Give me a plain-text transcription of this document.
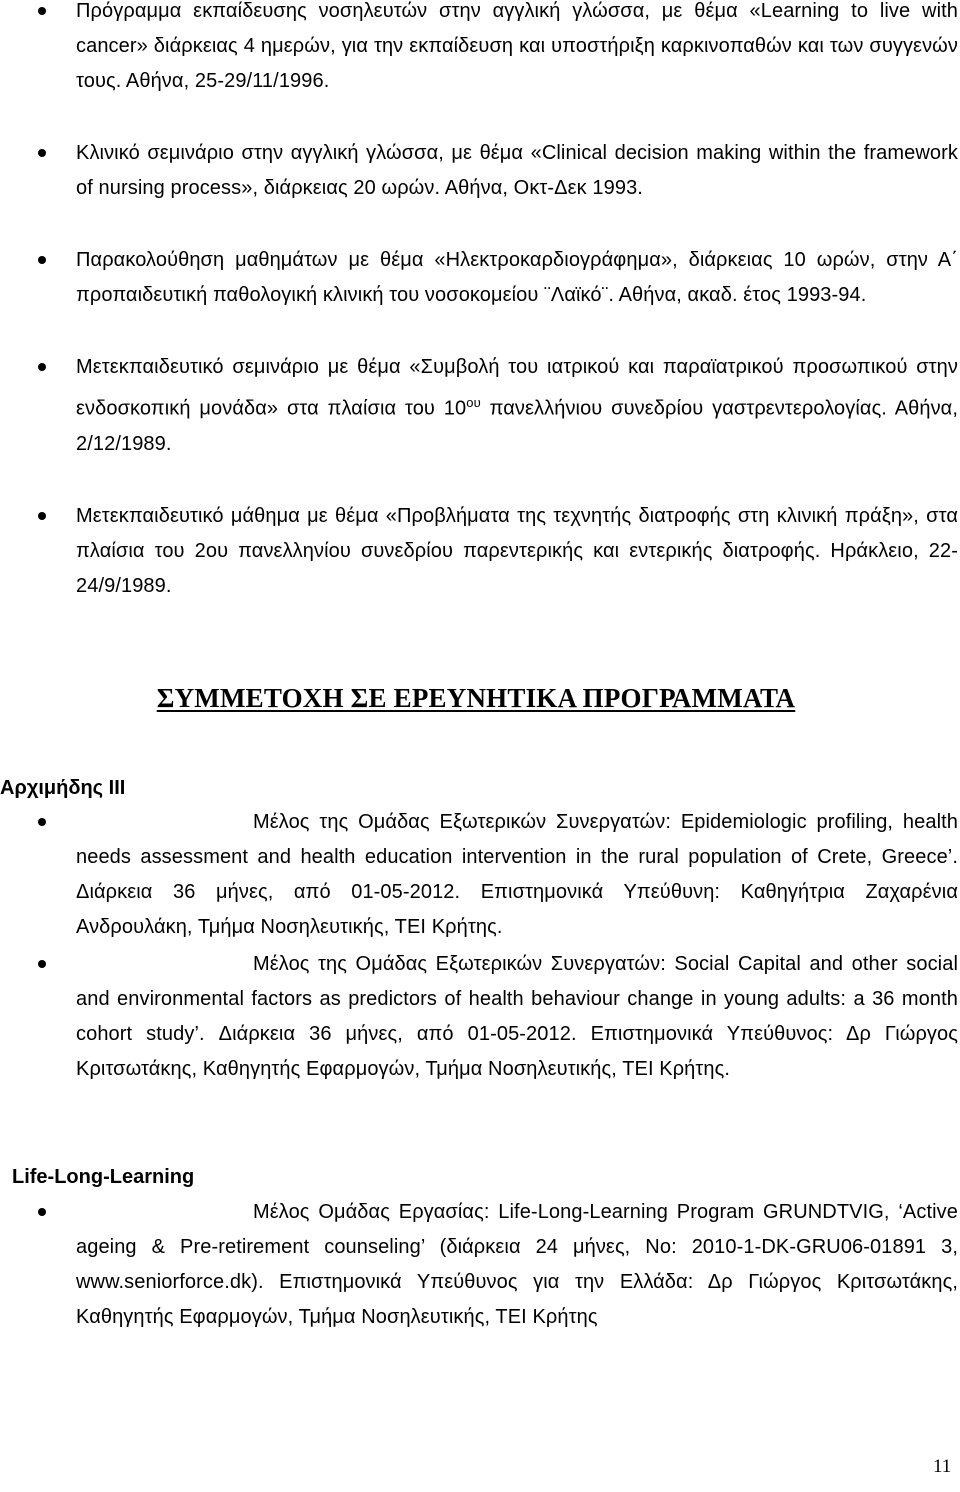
Πρόγραμμα εκπαίδευσης νοσηλευτών στην αγγλική γλώσσα, με θέμα «Learning to live with cancer» διάρκειας 4 ημερών, για την εκπαίδευση και υποστήριξη καρκινοπαθών και των συγγενών τους. Αθήνα, 25-29/11/1996.
Κλινικό σεμινάριο στην αγγλική γλώσσα, με θέμα «Clinical decision making within the framework of nursing process», διάρκειας 20 ωρών. Αθήνα, Οκτ-Δεκ 1993.
Παρακολούθηση μαθημάτων με θέμα «Ηλεκτροκαρδιογράφημα», διάρκειας 10 ωρών, στην Α΄ προπαιδευτική παθολογική κλινική του νοσοκομείου ¨Λαϊκό¨. Αθήνα, ακαδ. έτος 1993-94.
Μετεκπαιδευτικό σεμινάριο με θέμα «Συμβολή του ιατρικού και παραϊατρικού προσωπικού στην ενδοσκοπική μονάδα» στα πλαίσια του $10^{o\upsilon}$ πανελλήνιου συνεδρίου γαστρεντερολογίας. Αθήνα, 2/12/1989.
Μετεκπαιδευτικό μάθημα με θέμα «Προβλήματα της τεχνητής διατροφής στη κλινική πράξη», στα πλαίσια του 2ου πανελληνίου συνεδρίου παρεντερικής και εντερικής διατροφής. Ηράκλειο, 22-24/9/1989.
ΣΥΜΜΕΤΟΧΗ ΣΕ ΕΡΕΥΝΗΤΙΚΑ ΠΡΟΓΡΑΜΜΑΤΑ
Αρχιμήδης ΙΙΙ
Μέλος της Ομάδας Εξωτερικών Συνεργατών: Epidemiologic profiling, health needs assessment and health education intervention in the rural population of Crete, Greece’. Διάρκεια 36 μήνες, από 01-05-2012. Επιστημονικά Υπεύθυνη: Καθηγήτρια Ζαχαρένια Ανδρουλάκη, Τμήμα Νοσηλευτικής, ΤΕΙ Κρήτης.
Μέλος της Ομάδας Εξωτερικών Συνεργατών: Social Capital and other social and environmental factors as predictors of health behaviour change in young adults: a 36 month cohort study’. Διάρκεια 36 μήνες, από 01-05-2012. Επιστημονικά Υπεύθυνος: Δρ Γιώργος Κριτσωτάκης, Καθηγητής Εφαρμογών, Τμήμα Νοσηλευτικής, ΤΕΙ Κρήτης.
Life-Long-Learning
Μέλος Ομάδας Εργασίας: Life-Long-Learning Program GRUNDTVIG, ‘Active ageing & Pre-retirement counseling’ (διάρκεια 24 μήνες, No: 2010-1-DK-GRU06-01891 3, www.seniorforce.dk). Επιστημονικά Υπεύθυνος για την Ελλάδα: Δρ Γιώργος Κριτσωτάκης, Καθηγητής Εφαρμογών, Τμήμα Νοσηλευτικής, ΤΕΙ Κρήτης
11
